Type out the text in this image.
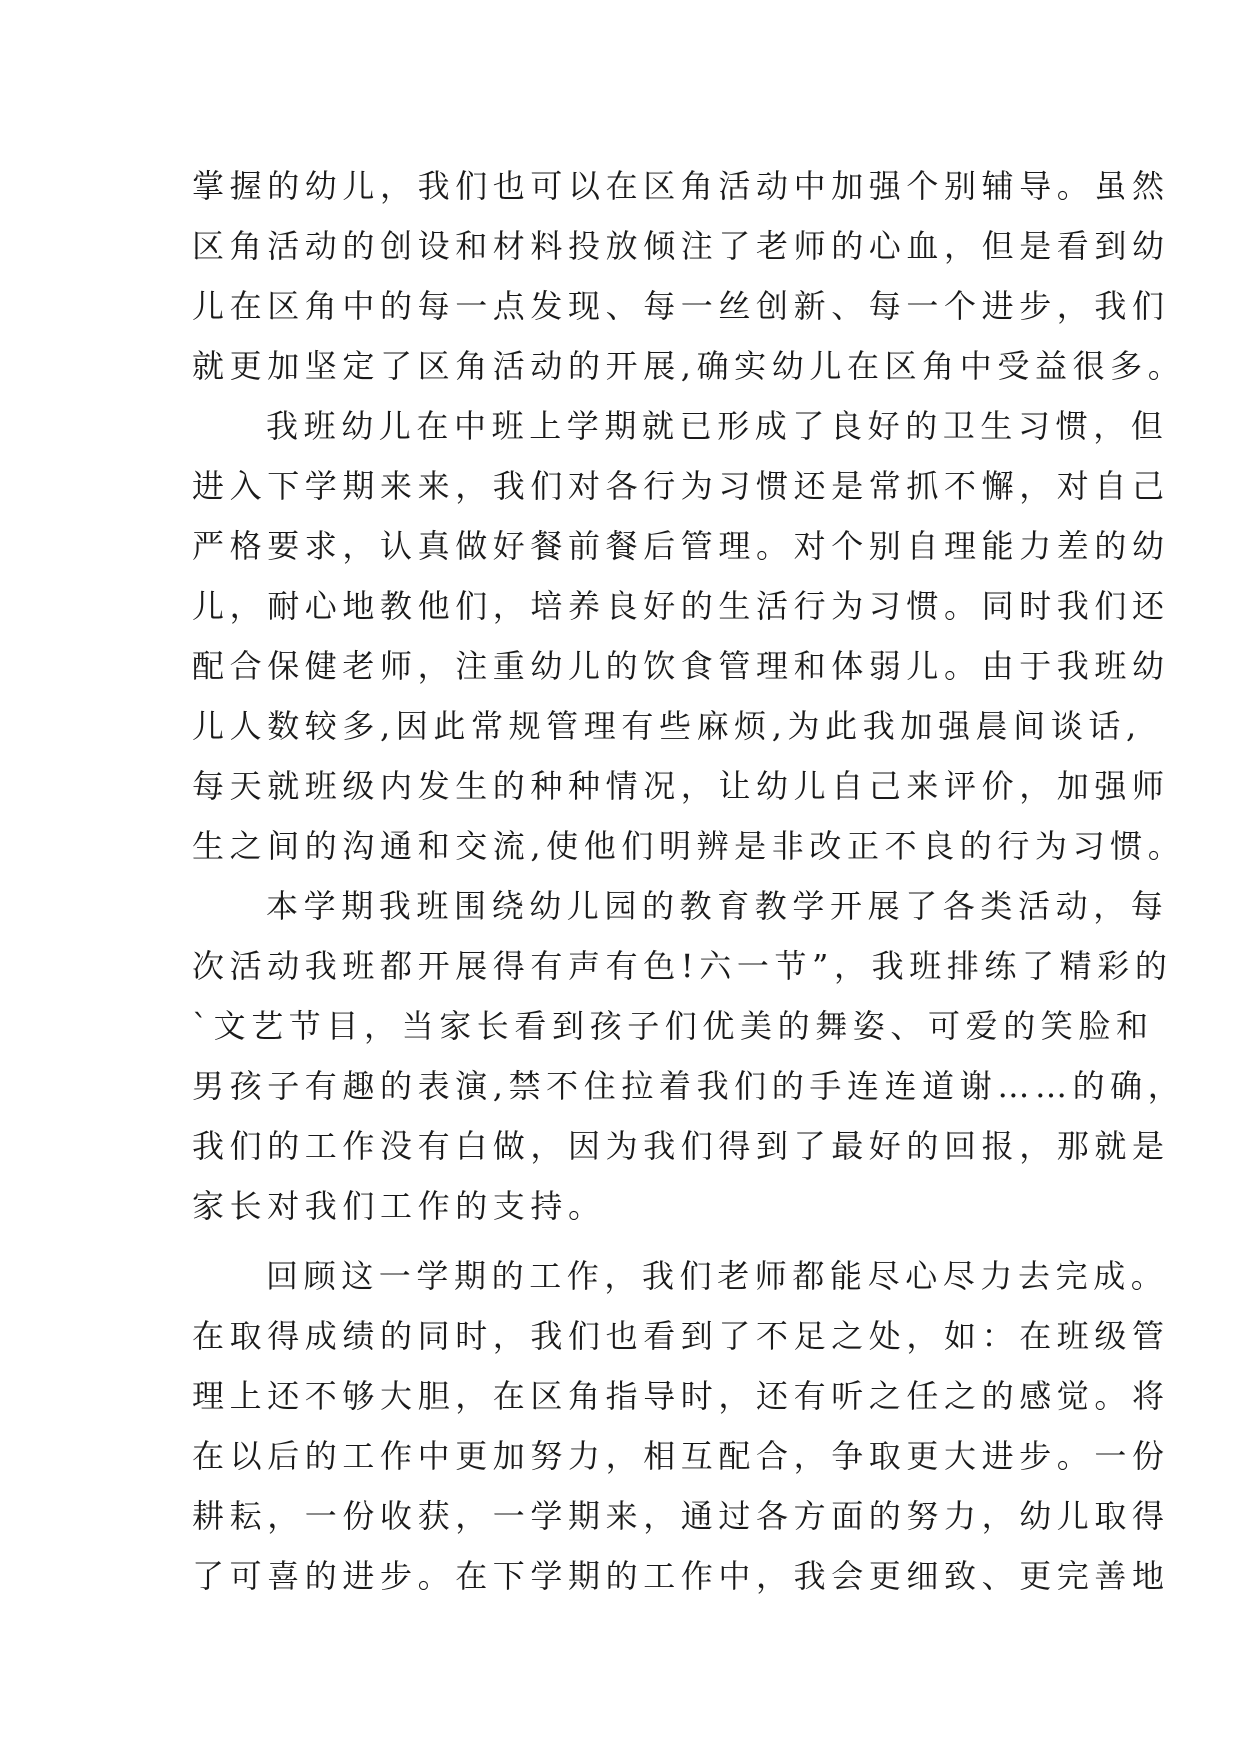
掌握的幼儿，我们也可以在区角活动中加强个别辅导。虽然
区角活动的创设和材料投放倾注了老师的心血，但是看到幼
儿在区角中的每一点发现、每一丝创新、每一个进步，我们
就更加坚定了区角活动的开展,确实幼儿在区角中受益很多。
我班幼儿在中班上学期就已形成了良好的卫生习惯，但
进入下学期来来，我们对各行为习惯还是常抓不懈，对自己
严格要求，认真做好餐前餐后管理。对个别自理能力差的幼
儿，耐心地教他们，培养良好的生活行为习惯。同时我们还
配合保健老师，注重幼儿的饮食管理和体弱儿。由于我班幼
儿人数较多,因此常规管理有些麻烦,为此我加强晨间谈话,
每天就班级内发生的种种情况，让幼儿自己来评价，加强师
生之间的沟通和交流,使他们明辨是非改正不良的行为习惯。
本学期我班围绕幼儿园的教育教学开展了各类活动，每
次活动我班都开展得有声有色!六一节”，我班排练了精彩的
`文艺节目，当家长看到孩子们优美的舞姿、可爱的笑脸和
男孩子有趣的表演,禁不住拉着我们的手连连道谢……的确，
我们的工作没有白做，因为我们得到了最好的回报，那就是
家长对我们工作的支持。
回顾这一学期的工作，我们老师都能尽心尽力去完成。
在取得成绩的同时，我们也看到了不足之处，如：在班级管
理上还不够大胆，在区角指导时，还有听之任之的感觉。将
在以后的工作中更加努力，相互配合，争取更大进步。一份
耕耘，一份收获，一学期来，通过各方面的努力，幼儿取得
了可喜的进步。在下学期的工作中，我会更细致、更完善地
